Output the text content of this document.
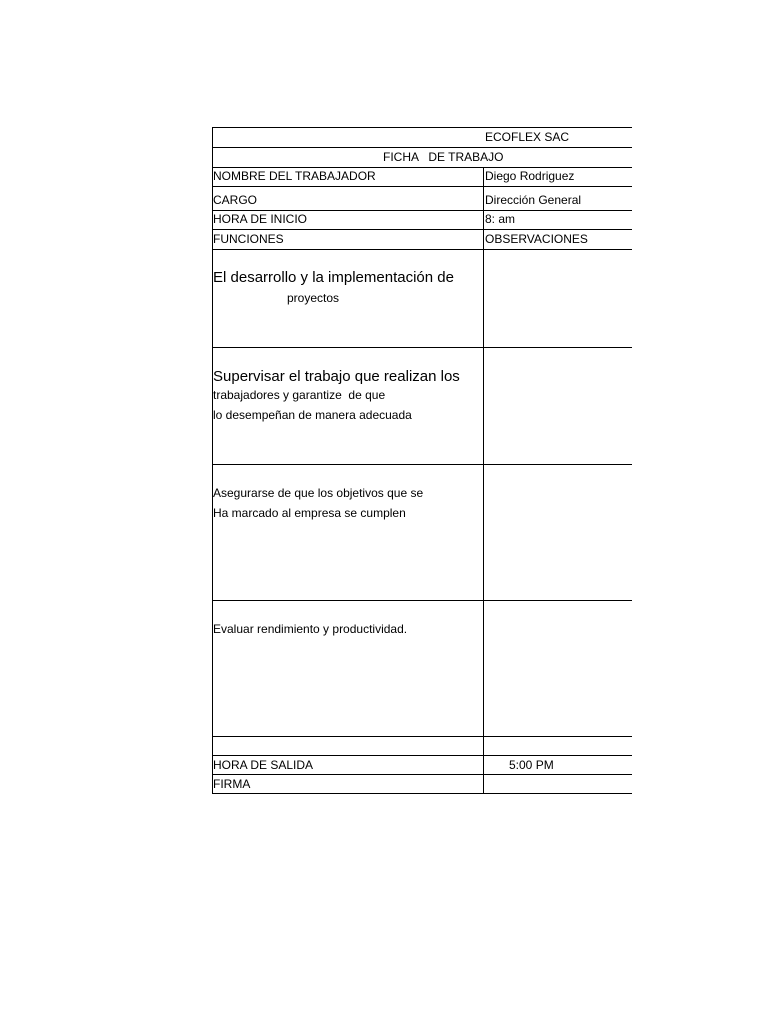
ECOFLEX SAC
FICHA   DE TRABAJO
NOMBRE DEL TRABAJADOR	Diego Rodriguez
CARGO	Dirección General
HORA DE INICIO	8: am
FUNCIONES	OBSERVACIONES
El desarrollo y la implementación de
proyectos
Supervisar el trabajo que realizan los
trabajadores y garantize  de que
lo desempeñan de manera adecuada
Asegurarse de que los objetivos que se
Ha marcado al empresa se cumplen
Evaluar rendimiento y productividad.
HORA DE SALIDA	5:00 PM
FIRMA
